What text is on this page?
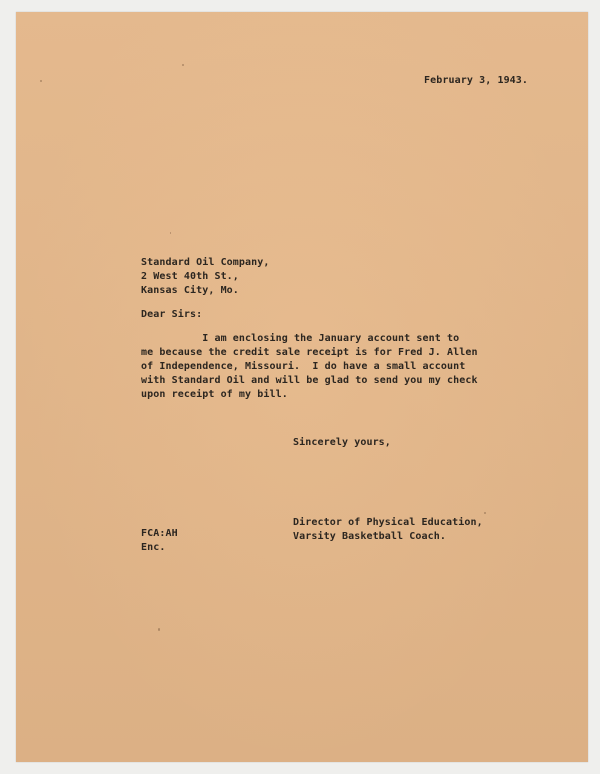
February 3, 1943.
Standard Oil Company,
2 West 40th St.,
Kansas City, Mo.
Dear Sirs:
I am enclosing the January account sent to
me because the credit sale receipt is for Fred J. Allen
of Independence, Missouri.  I do have a small account
with Standard Oil and will be glad to send you my check
upon receipt of my bill.
Sincerely yours,
Director of Physical Education,
Varsity Basketball Coach.
FCA:AH
Enc.
